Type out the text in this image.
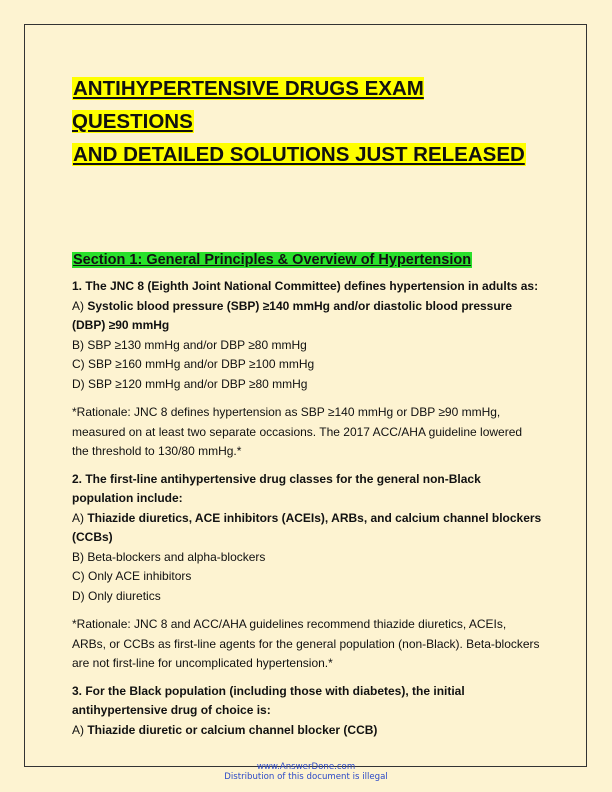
ANTIHYPERTENSIVE DRUGS EXAM QUESTIONS
AND DETAILED SOLUTIONS JUST RELEASED
Section 1: General Principles & Overview of Hypertension
1. The JNC 8 (Eighth Joint National Committee) defines hypertension in adults as:
A) Systolic blood pressure (SBP) ≥140 mmHg and/or diastolic blood pressure (DBP) ≥90 mmHg
B) SBP ≥130 mmHg and/or DBP ≥80 mmHg
C) SBP ≥160 mmHg and/or DBP ≥100 mmHg
D) SBP ≥120 mmHg and/or DBP ≥80 mmHg
*Rationale: JNC 8 defines hypertension as SBP ≥140 mmHg or DBP ≥90 mmHg, measured on at least two separate occasions. The 2017 ACC/AHA guideline lowered the threshold to 130/80 mmHg.*
2. The first-line antihypertensive drug classes for the general non-Black population include:
A) Thiazide diuretics, ACE inhibitors (ACEIs), ARBs, and calcium channel blockers (CCBs)
B) Beta-blockers and alpha-blockers
C) Only ACE inhibitors
D) Only diuretics
*Rationale: JNC 8 and ACC/AHA guidelines recommend thiazide diuretics, ACEIs, ARBs, or CCBs as first-line agents for the general population (non-Black). Beta-blockers are not first-line for uncomplicated hypertension.*
3. For the Black population (including those with diabetes), the initial antihypertensive drug of choice is:
A) Thiazide diuretic or calcium channel blocker (CCB)
www.AnswerDone.com
Distribution of this document is illegal
